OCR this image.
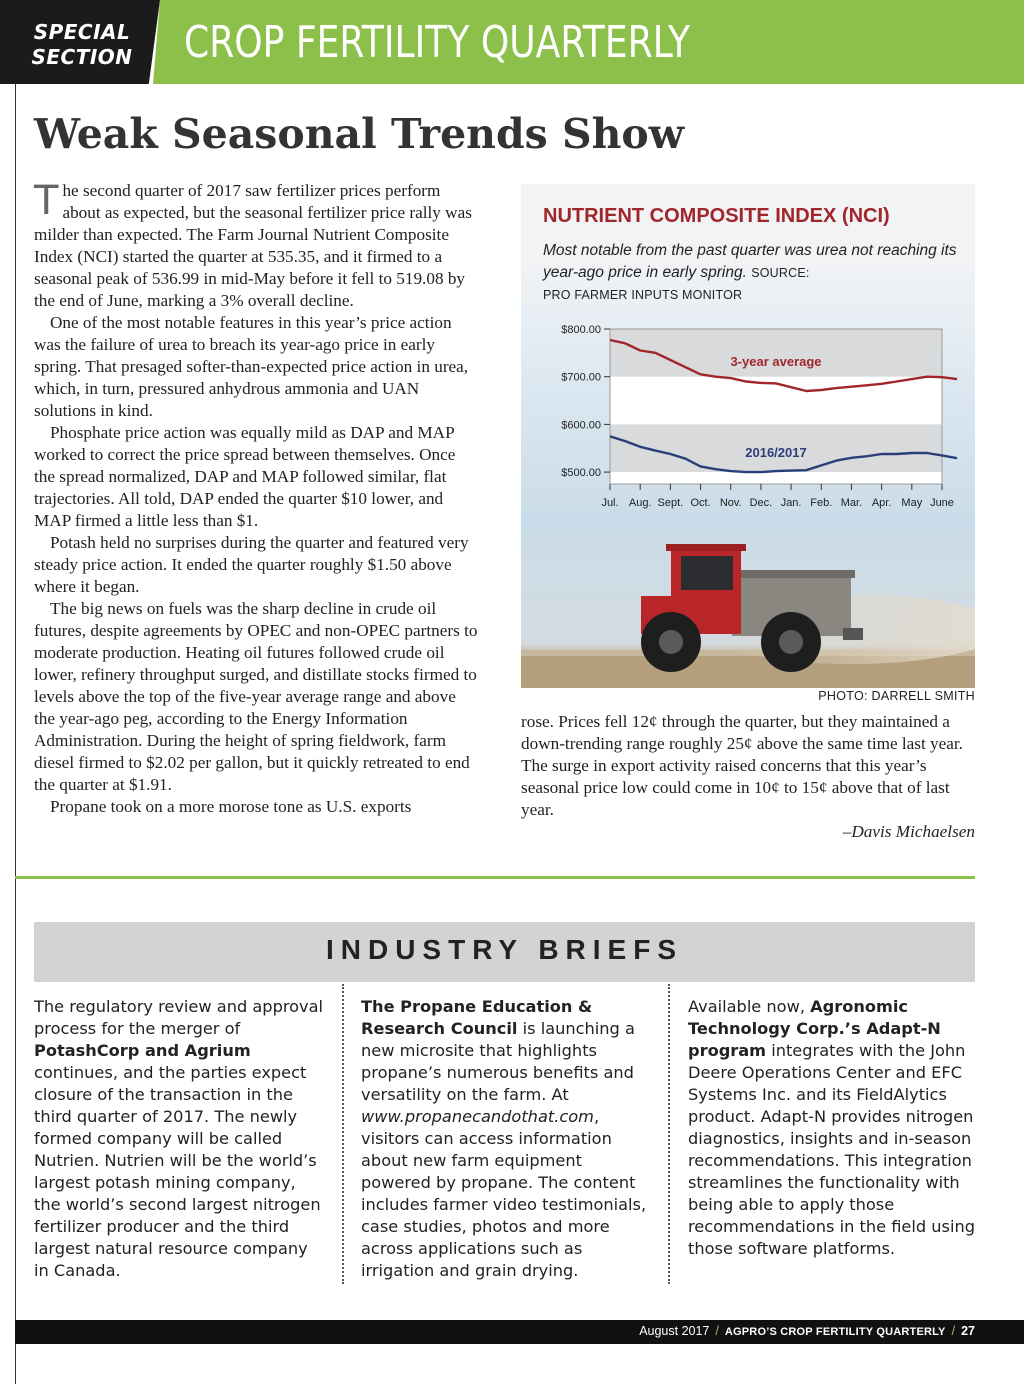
SPECIAL
SECTION CROP FERTILITY QUARTERLY
Weak Seasonal Trends Show

The second quarter of 2017 saw fertilizer prices perform about as expected, but the seasonal fertilizer price rally was milder than expected. The Farm Journal Nutrient Composite Index (NCI) started the quarter at 535.35, and it firmed to a seasonal peak of 536.99 in mid-May before it fell to 519.08 by the end of June, marking a 3% overall decline.

One of the most notable features in this year’s price action was the failure of urea to breach its year-ago price in early spring. That presaged softer-than-expected price action in urea, which, in turn, pressured anhydrous ammonia and UAN solutions in kind.

Phosphate price action was equally mild as DAP and MAP worked to correct the price spread between themselves. Once the spread normalized, DAP and MAP followed similar, flat trajectories. All told, DAP ended the quarter $10 lower, and MAP firmed a little less than $1.

Potash held no surprises during the quarter and featured very steady price action. It ended the quarter roughly $1.50 above where it began.

The big news on fuels was the sharp decline in crude oil futures, despite agreements by OPEC and non-OPEC partners to moderate production. Heating oil futures followed crude oil lower, refinery throughput surged, and distillate stocks firmed to levels above the top of the five-year average range and above the year-ago peg, according to the Energy Information Administration. During the height of spring fieldwork, farm diesel firmed to $2.02 per gallon, but it quickly retreated to end the quarter at $1.91.

Propane took on a more morose tone as U.S. exports

NUTRIENT COMPOSITE INDEX (NCI)
Most notable from the past quarter was urea not reaching its year-ago price in early spring. SOURCE:
PRO FARMER INPUTS MONITOR
$800.00
$700.00
$600.00
$500.00
Jul. Aug. Sept. Oct. Nov. Dec. Jan. Feb. Mar. Apr. May June
3-year average
2016/2017
PHOTO: DARRELL SMITH

rose. Prices fell 12¢ through the quarter, but they maintained a down-trending range roughly 25¢ above the same time last year. The surge in export activity raised concerns that this year’s seasonal price low could come in 10¢ to 15¢ above that of last year.

–Davis Michaelsen

INDUSTRY BRIEFS
The regulatory review and approval process for the merger of PotashCorp and Agrium continues, and the parties expect closure of the transaction in the third quarter of 2017. The newly formed company will be called Nutrien. Nutrien will be the world’s largest potash mining company, the world’s second largest nitrogen fertilizer producer and the third largest natural resource company in Canada.
The Propane Education & Research Council is launching a new microsite that highlights propane’s numerous benefits and versatility on the farm. At www.propanecandothat.com, visitors can access information about new farm equipment powered by propane. The content includes farmer video testimonials, case studies, photos and more across applications such as irrigation and grain drying.
Available now, Agronomic Technology Corp.’s Adapt-N program integrates with the John Deere Operations Center and EFC Systems Inc. and its FieldAlytics product. Adapt-N provides nitrogen diagnostics, insights and in-season recommendations. This integration streamlines the functionality with being able to apply those recommendations in the field using those software platforms.
August 2017 / AGPRO’S CROP FERTILITY QUARTERLY / 27
